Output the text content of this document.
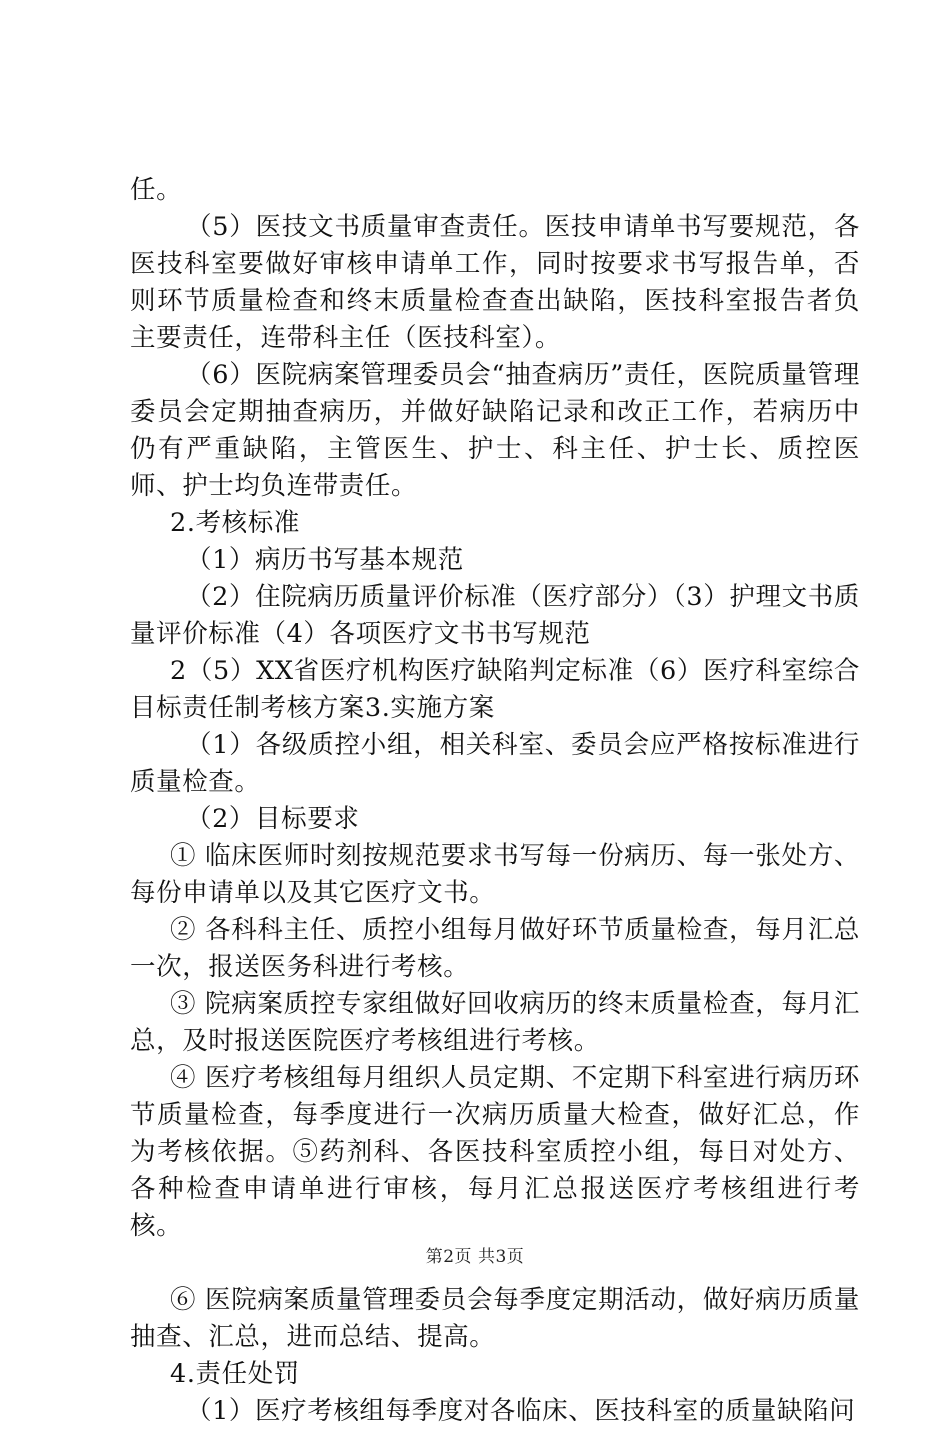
任。

（5）医技文书质量审查责任。医技申请单书写要规范，各医技科室要做好审核申请单工作，同时按要求书写报告单，否则环节质量检查和终末质量检查查出缺陷，医技科室报告者负主要责任，连带科主任（医技科室）。

（6）医院病案管理委员会“抽查病历”责任，医院质量管理委员会定期抽查病历，并做好缺陷记录和改正工作，若病历中仍有严重缺陷，主管医生、护士、科主任、护士长、质控医师、护士均负连带责任。

2.考核标准

（1）病历书写基本规范

（2）住院病历质量评价标准（医疗部分）（3）护理文书质量评价标准（4）各项医疗文书书写规范

2（5）XX省医疗机构医疗缺陷判定标准（6）医疗科室综合目标责任制考核方案3.实施方案

（1）各级质控小组，相关科室、委员会应严格按标准进行质量检查。

（2）目标要求

① 临床医师时刻按规范要求书写每一份病历、每一张处方、每份申请单以及其它医疗文书。

② 各科科主任、质控小组每月做好环节质量检查，每月汇总一次，报送医务科进行考核。

③ 院病案质控专家组做好回收病历的终末质量检查，每月汇总，及时报送医院医疗考核组进行考核。

④ 医疗考核组每月组织人员定期、不定期下科室进行病历环节质量检查，每季度进行一次病历质量大检查，做好汇总，作为考核依据。⑤药剂科、各医技科室质控小组，每日对处方、各种检查申请单进行审核，每月汇总报送医疗考核组进行考核。

⑥ 医院病案质量管理委员会每季度定期活动，做好病历质量抽查、汇总，进而总结、提高。

4.责任处罚

（1）医疗考核组每季度对各临床、医技科室的质量缺陷问

第2页 共3页
